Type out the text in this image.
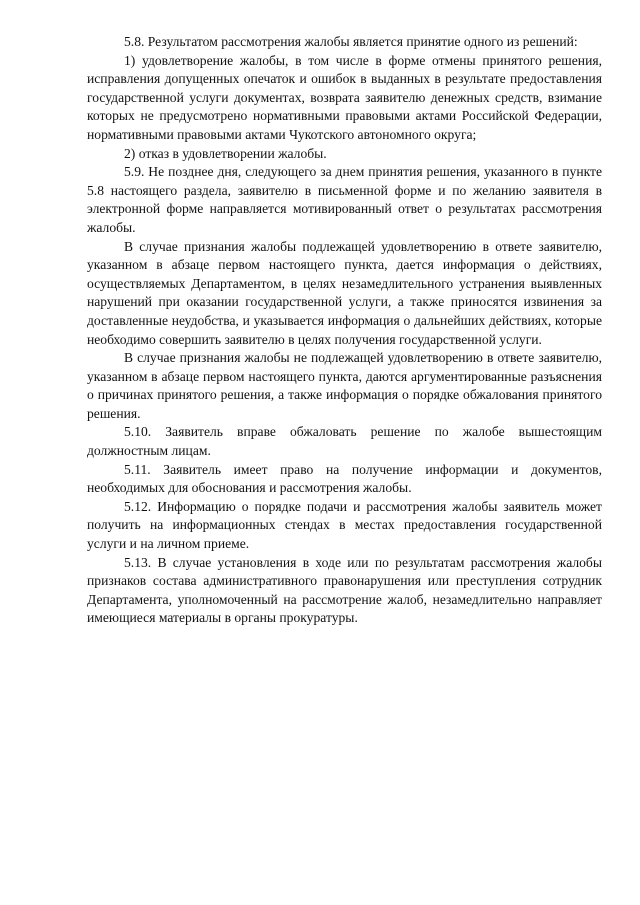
5.8. Результатом рассмотрения жалобы является принятие одного из решений:

1) удовлетворение жалобы, в том числе в форме отмены принятого решения, исправления допущенных опечаток и ошибок в выданных в результате предоставления государственной услуги документах, возврата заявителю денежных средств, взимание которых не предусмотрено нормативными правовыми актами Российской Федерации, нормативными правовыми актами Чукотского автономного округа;

2) отказ в удовлетворении жалобы.

5.9. Не позднее дня, следующего за днем принятия решения, указанного в пункте 5.8 настоящего раздела, заявителю в письменной форме и по желанию заявителя в электронной форме направляется мотивированный ответ о результатах рассмотрения жалобы.

В случае признания жалобы подлежащей удовлетворению в ответе заявителю, указанном в абзаце первом настоящего пункта, дается информация о действиях, осуществляемых Департаментом, в целях незамедлительного устранения выявленных нарушений при оказании государственной услуги, а также приносятся извинения за доставленные неудобства, и указывается информация о дальнейших действиях, которые необходимо совершить заявителю в целях получения государственной услуги.

В случае признания жалобы не подлежащей удовлетворению в ответе заявителю, указанном в абзаце первом настоящего пункта, даются аргументированные разъяснения о причинах принятого решения, а также информация о порядке обжалования принятого решения.

5.10. Заявитель вправе обжаловать решение по жалобе вышестоящим должностным лицам.

5.11. Заявитель имеет право на получение информации и документов, необходимых для обоснования и рассмотрения жалобы.

5.12. Информацию о порядке подачи и рассмотрения жалобы заявитель может получить на информационных стендах в местах предоставления государственной услуги и на личном приеме.

5.13. В случае установления в ходе или по результатам рассмотрения жалобы признаков состава административного правонарушения или преступления сотрудник Департамента, уполномоченный на рассмотрение жалоб, незамедлительно направляет имеющиеся материалы в органы прокуратуры.
